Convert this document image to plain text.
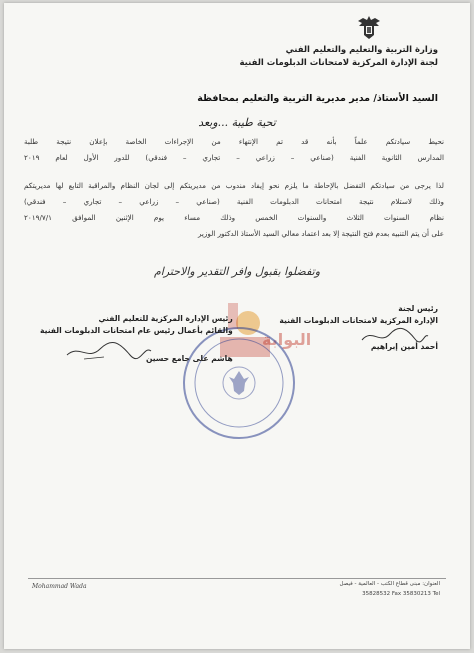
وزارة التربية والتعليم والتعليم الفني
لجنة الإدارة المركزية لامتحانات الدبلومات الفنية
السيد الأستاذ/ مدير مديرية التربية والتعليم بمحافظة
تحية طيبة ...وبعد
نحيط سيادتكم علماً بأنه قد تم الإنتهاء من الإجراءات الخاصة بإعلان نتيجة طلبة
المدارس الثانوية الفنية (صناعي – زراعي – تجاري – فندقي) للدور الأول لعام ٢٠١٩
لذا يرجى من سيادتكم التفضل بالإحاطة ما يلزم نحو إيفاد مندوب من مديريتكم إلى لجان النظام والمراقبة التابع لها مديريتكم
وذلك لاستلام نتيجة امتحانات الدبلومات الفنية (صناعي – زراعي – تجاري – فندقي)
نظام السنوات الثلاث والسنوات الخمس وذلك مساء يوم الإثنين الموافق ٢٠١٩/٧/١
على أن يتم التنبيه بعدم فتح النتيجة إلا بعد اعتماد معالي السيد الأستاذ الدكتور الوزير
وتفضلوا بقبول وافر التقدير والاحترام
البوابة
رئيس لجنة
الإدارة المركزية لامتحانات الدبلومات الفنية
أحمد أمين إبراهيم
رئيس الإدارة المركزية للتعليم الفني
والقائم بأعمال رئيس عام امتحانات الدبلومات الفنية
هاشم على جامع حسين
Mohammad Wada	العنوان: مبنى قطاع الكتب - العالمية - فيصل
35828532 Fax 35830213 Tel
